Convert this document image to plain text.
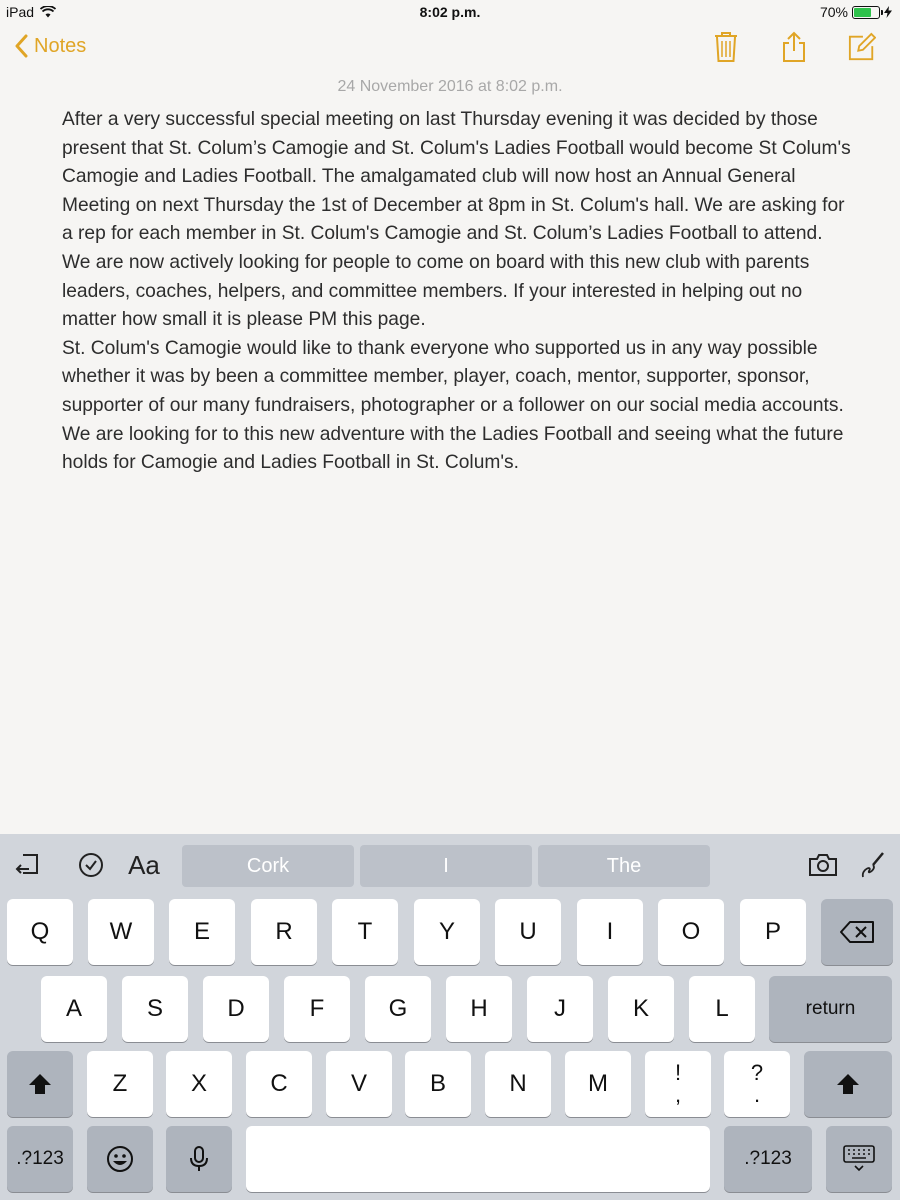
iPad	8:02 p.m.	70%
Notes
24 November 2016 at 8:02 p.m.

After a very successful special meeting on last Thursday evening it was decided by those present that St. Colum’s Camogie and St. Colum's Ladies Football would become St Colum's Camogie and Ladies Football. The amalgamated club will now host an Annual General Meeting on next Thursday the 1st of December at 8pm in St. Colum's hall. We are asking for a rep for each member in St. Colum's Camogie and St. Colum’s Ladies Football to attend.

We are now actively looking for people to come on board with this new club with parents leaders, coaches, helpers, and committee members. If your interested in helping out no matter how small it is please PM this page.

St. Colum's Camogie would like to thank everyone who supported us in any way possible whether it was by been a committee member, player, coach, mentor, supporter, sponsor, supporter of our many fundraisers, photographer or a follower on our social media accounts.

We are looking for to this new adventure with the Ladies Football and seeing what the future holds for Camogie and Ladies Football in St. Colum's.

Aa	Cork	I	The
Q	W	E	R	T	Y	U	I	O	P
A	S	D	F	G	H	J	K	L	return
Z	X	C	V	B	N	M	!
,
?
.
.?123	.?123
